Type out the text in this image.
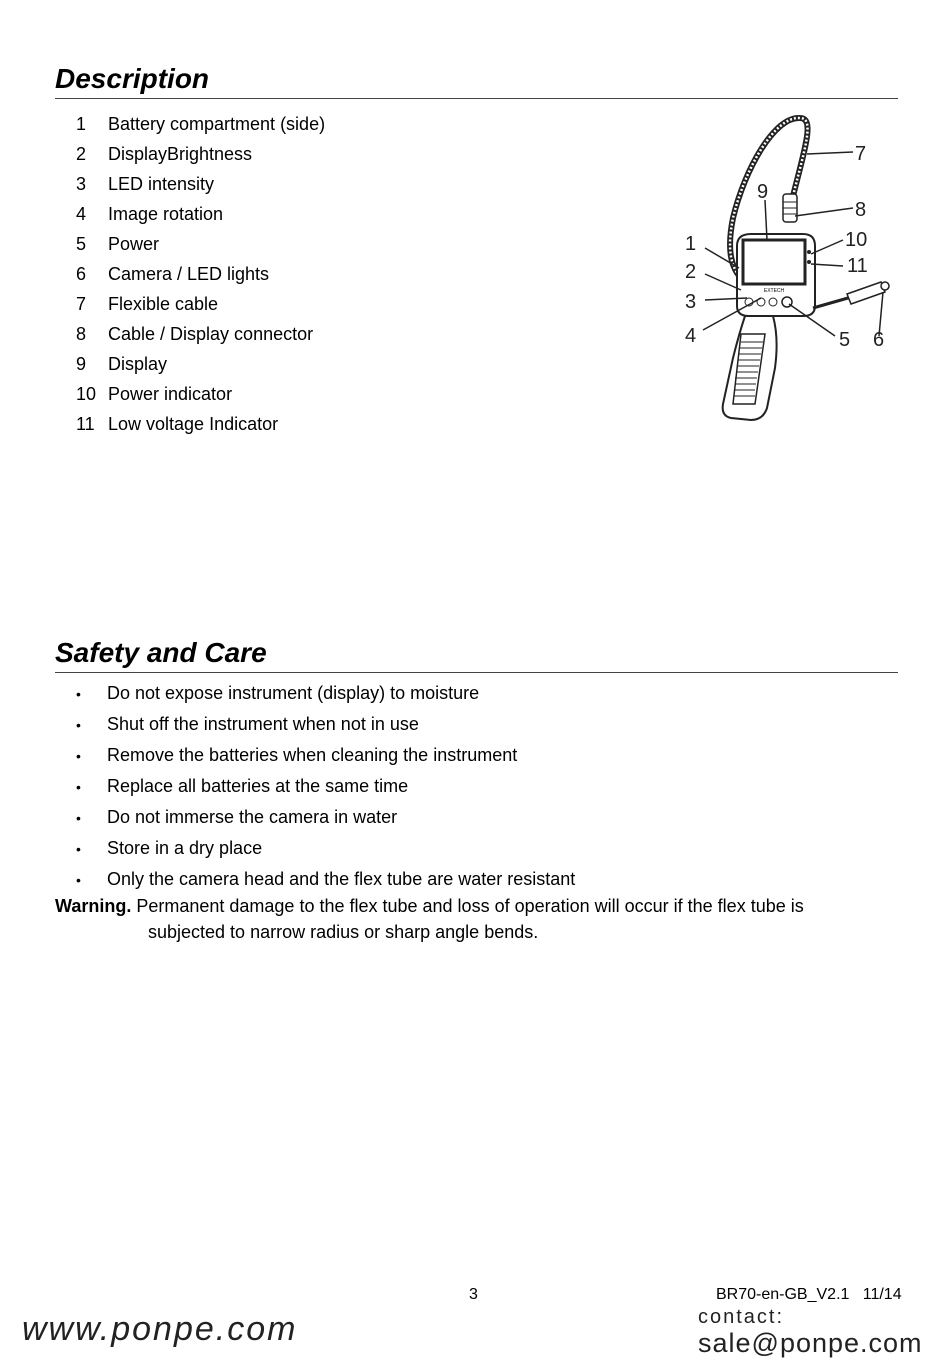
Description
1 Battery compartment (side)
2 DisplayBrightness
3 LED intensity
4 Image rotation
5 Power
6 Camera / LED lights
7 Flexible cable
8 Cable / Display connector
9 Display
10 Power indicator
11 Low voltage Indicator
EXTECH
1
2
3
4	5 6
7
8
9
10
11
Safety and Care
• Do not expose instrument (display) to moisture
• Shut off the instrument when not in use
• Remove the batteries when cleaning the instrument
• Replace all batteries at the same time
• Do not immerse the camera in water
• Store in a dry place
• Only the camera head and the flex tube are water resistant
Warning. Permanent damage to the flex tube and loss of operation will occur if the flex tube is
subjected to narrow radius or sharp angle bends.
3	BR70-en-GB_V2.1   11/14
www.ponpe.com	contact:
sale@ponpe.com
